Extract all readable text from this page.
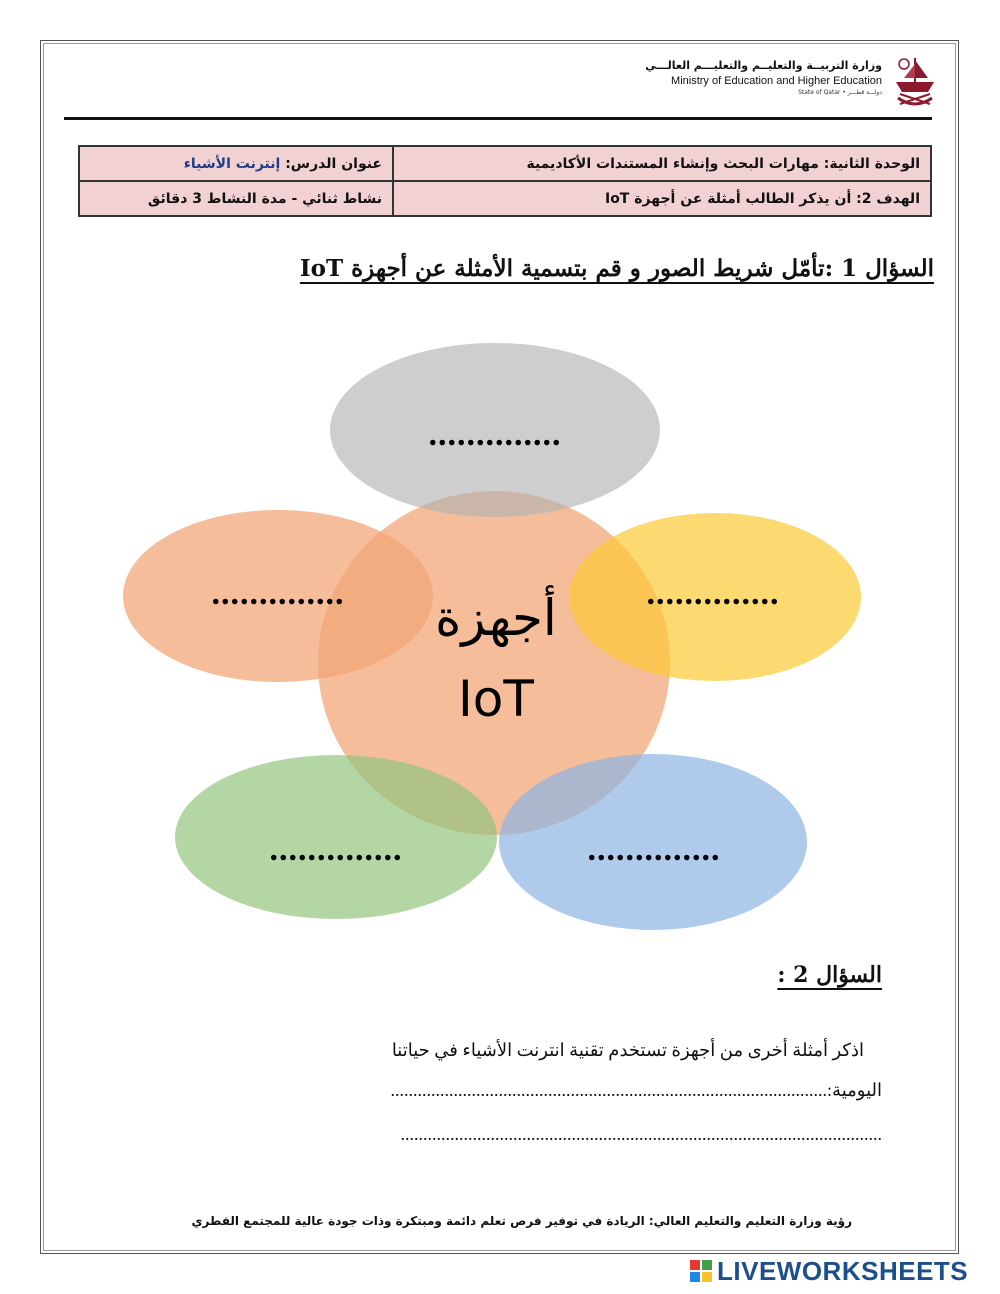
وزارة التربيــة والتعليــم والتعليـــم العالـــي
Ministry of Education and Higher Education
State of Qatar • دولـــة قطـــر
الوحدة الثانية: مهارات البحث وإنشاء المستندات الأكاديمية	عنوان الدرس: إنترنت الأشياء
الهدف 2: أن يذكر الطالب أمثلة عن أجهزة IoT	نشاط ثنائي - مدة النشاط 3 دقائق
السؤال 1 :تأمّل شريط الصور و قم بتسمية الأمثلة عن أجهزة IoT
..............
..............	..............
..............	..............
أجهزة
IoT
السؤال 2 :
اذكر أمثلة أخرى من أجهزة تستخدم تقنية انترنت الأشياء في حياتنا
اليومية:.................................................................................................
...........................................................................................................
رؤية وزارة التعليم والتعليم العالي: الريادة في توفير فرص تعلم دائمة ومبتكرة وذات جودة عالية للمجتمع القطري
LIVEWORKSHEETS
